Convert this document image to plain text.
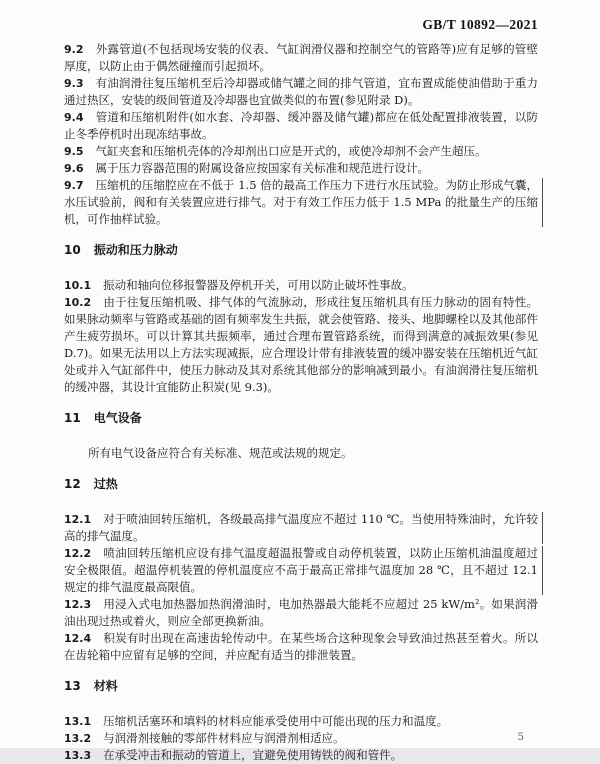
GB/T 10892—2021

9.2 外露管道(不包括现场安装的仪表、气缸润滑仪器和控制空气的管路等)应有足够的管壁厚度，以防止由于偶然碰撞而引起损坏。

9.3 有油润滑往复压缩机至后冷却器或储气罐之间的排气管道，宜布置成能使油借助于重力通过热区，安装的级间管道及冷却器也宜做类似的布置(参见附录 D)。

9.4 管道和压缩机附件(如水套、冷却器、缓冲器及储气罐)都应在低处配置排液装置，以防止冬季停机时出现冻结事故。

9.5 气缸夹套和压缩机壳体的冷却剂出口应是开式的，或使冷却剂不会产生超压。

9.6 属于压力容器范围的附属设备应按国家有关标准和规范进行设计。

9.7 压缩机的压缩腔应在不低于 1.5 倍的最高工作压力下进行水压试验。为防止形成气囊，水压试验前，阀和有关装置应进行排气。对于有效工作压力低于 1.5 MPa 的批量生产的压缩机，可作抽样试验。

10 振动和压力脉动

10.1 振动和轴向位移报警器及停机开关，可用以防止破坏性事故。

10.2 由于往复压缩机吸、排气体的气流脉动，形成往复压缩机具有压力脉动的固有特性。如果脉动频率与管路或基础的固有频率发生共振，就会使管路、接头、地脚螺栓以及其他部件产生疲劳损坏。可以计算其共振频率，通过合理布置管路系统，而得到满意的减振效果(参见 D.7)。如果无法用以上方法实现减振，应合理设计带有排液装置的缓冲器安装在压缩机近气缸处或并入气缸部件中，使压力脉动及其对系统其他部分的影响减到最小。有油润滑往复压缩机的缓冲器，其设计宜能防止积炭(见 9.3)。

11 电气设备

所有电气设备应符合有关标准、规范或法规的规定。

12 过热

12.1 对于喷油回转压缩机，各级最高排气温度应不超过 110 ℃。当使用特殊油时，允许较高的排气温度。

12.2 喷油回转压缩机应设有排气温度超温报警或自动停机装置，以防止压缩机油温度超过安全极限值。超温停机装置的停机温度应不高于最高正常排气温度加 28 ℃，且不超过 12.1 规定的排气温度最高限值。

12.3 用浸入式电加热器加热润滑油时，电加热器最大能耗不应超过 25 kW/m²。如果润滑油出现过热或着火，则应全部更换新油。

12.4 积炭有时出现在高速齿轮传动中。在某些场合这种现象会导致油过热甚至着火。所以在齿轮箱中应留有足够的空间，并应配有适当的排泄装置。

13 材料

13.1 压缩机活塞环和填料的材料应能承受使用中可能出现的压力和温度。

13.2 与润滑剂接触的零部件材料应与润滑剂相适应。

13.3 在承受冲击和振动的管道上，宜避免使用铸铁的阀和管件。

5
